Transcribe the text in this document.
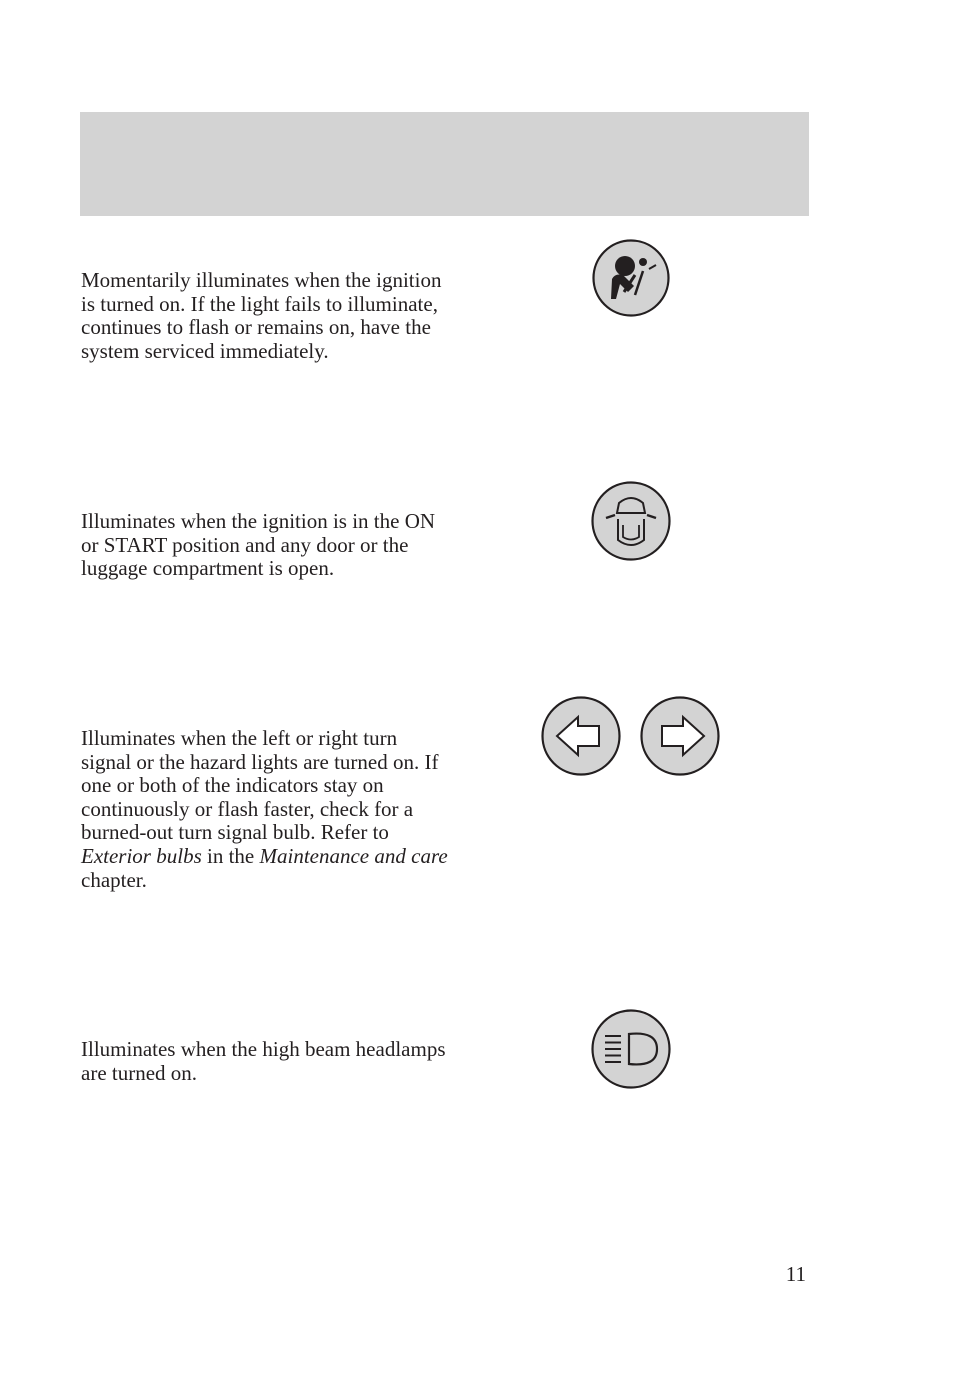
Momentarily illuminates when the ignition is turned on. If the light fails to illuminate, continues to flash or remains on, have the system serviced immediately.

Illuminates when the ignition is in the ON or START position and any door or the luggage compartment is open.

Illuminates when the left or right turn signal or the hazard lights are turned on. If one or both of the indicators stay on continuously or flash faster, check for a burned-out turn signal bulb. Refer to Exterior bulbs in the Maintenance and care chapter.

Illuminates when the high beam headlamps are turned on.

11
